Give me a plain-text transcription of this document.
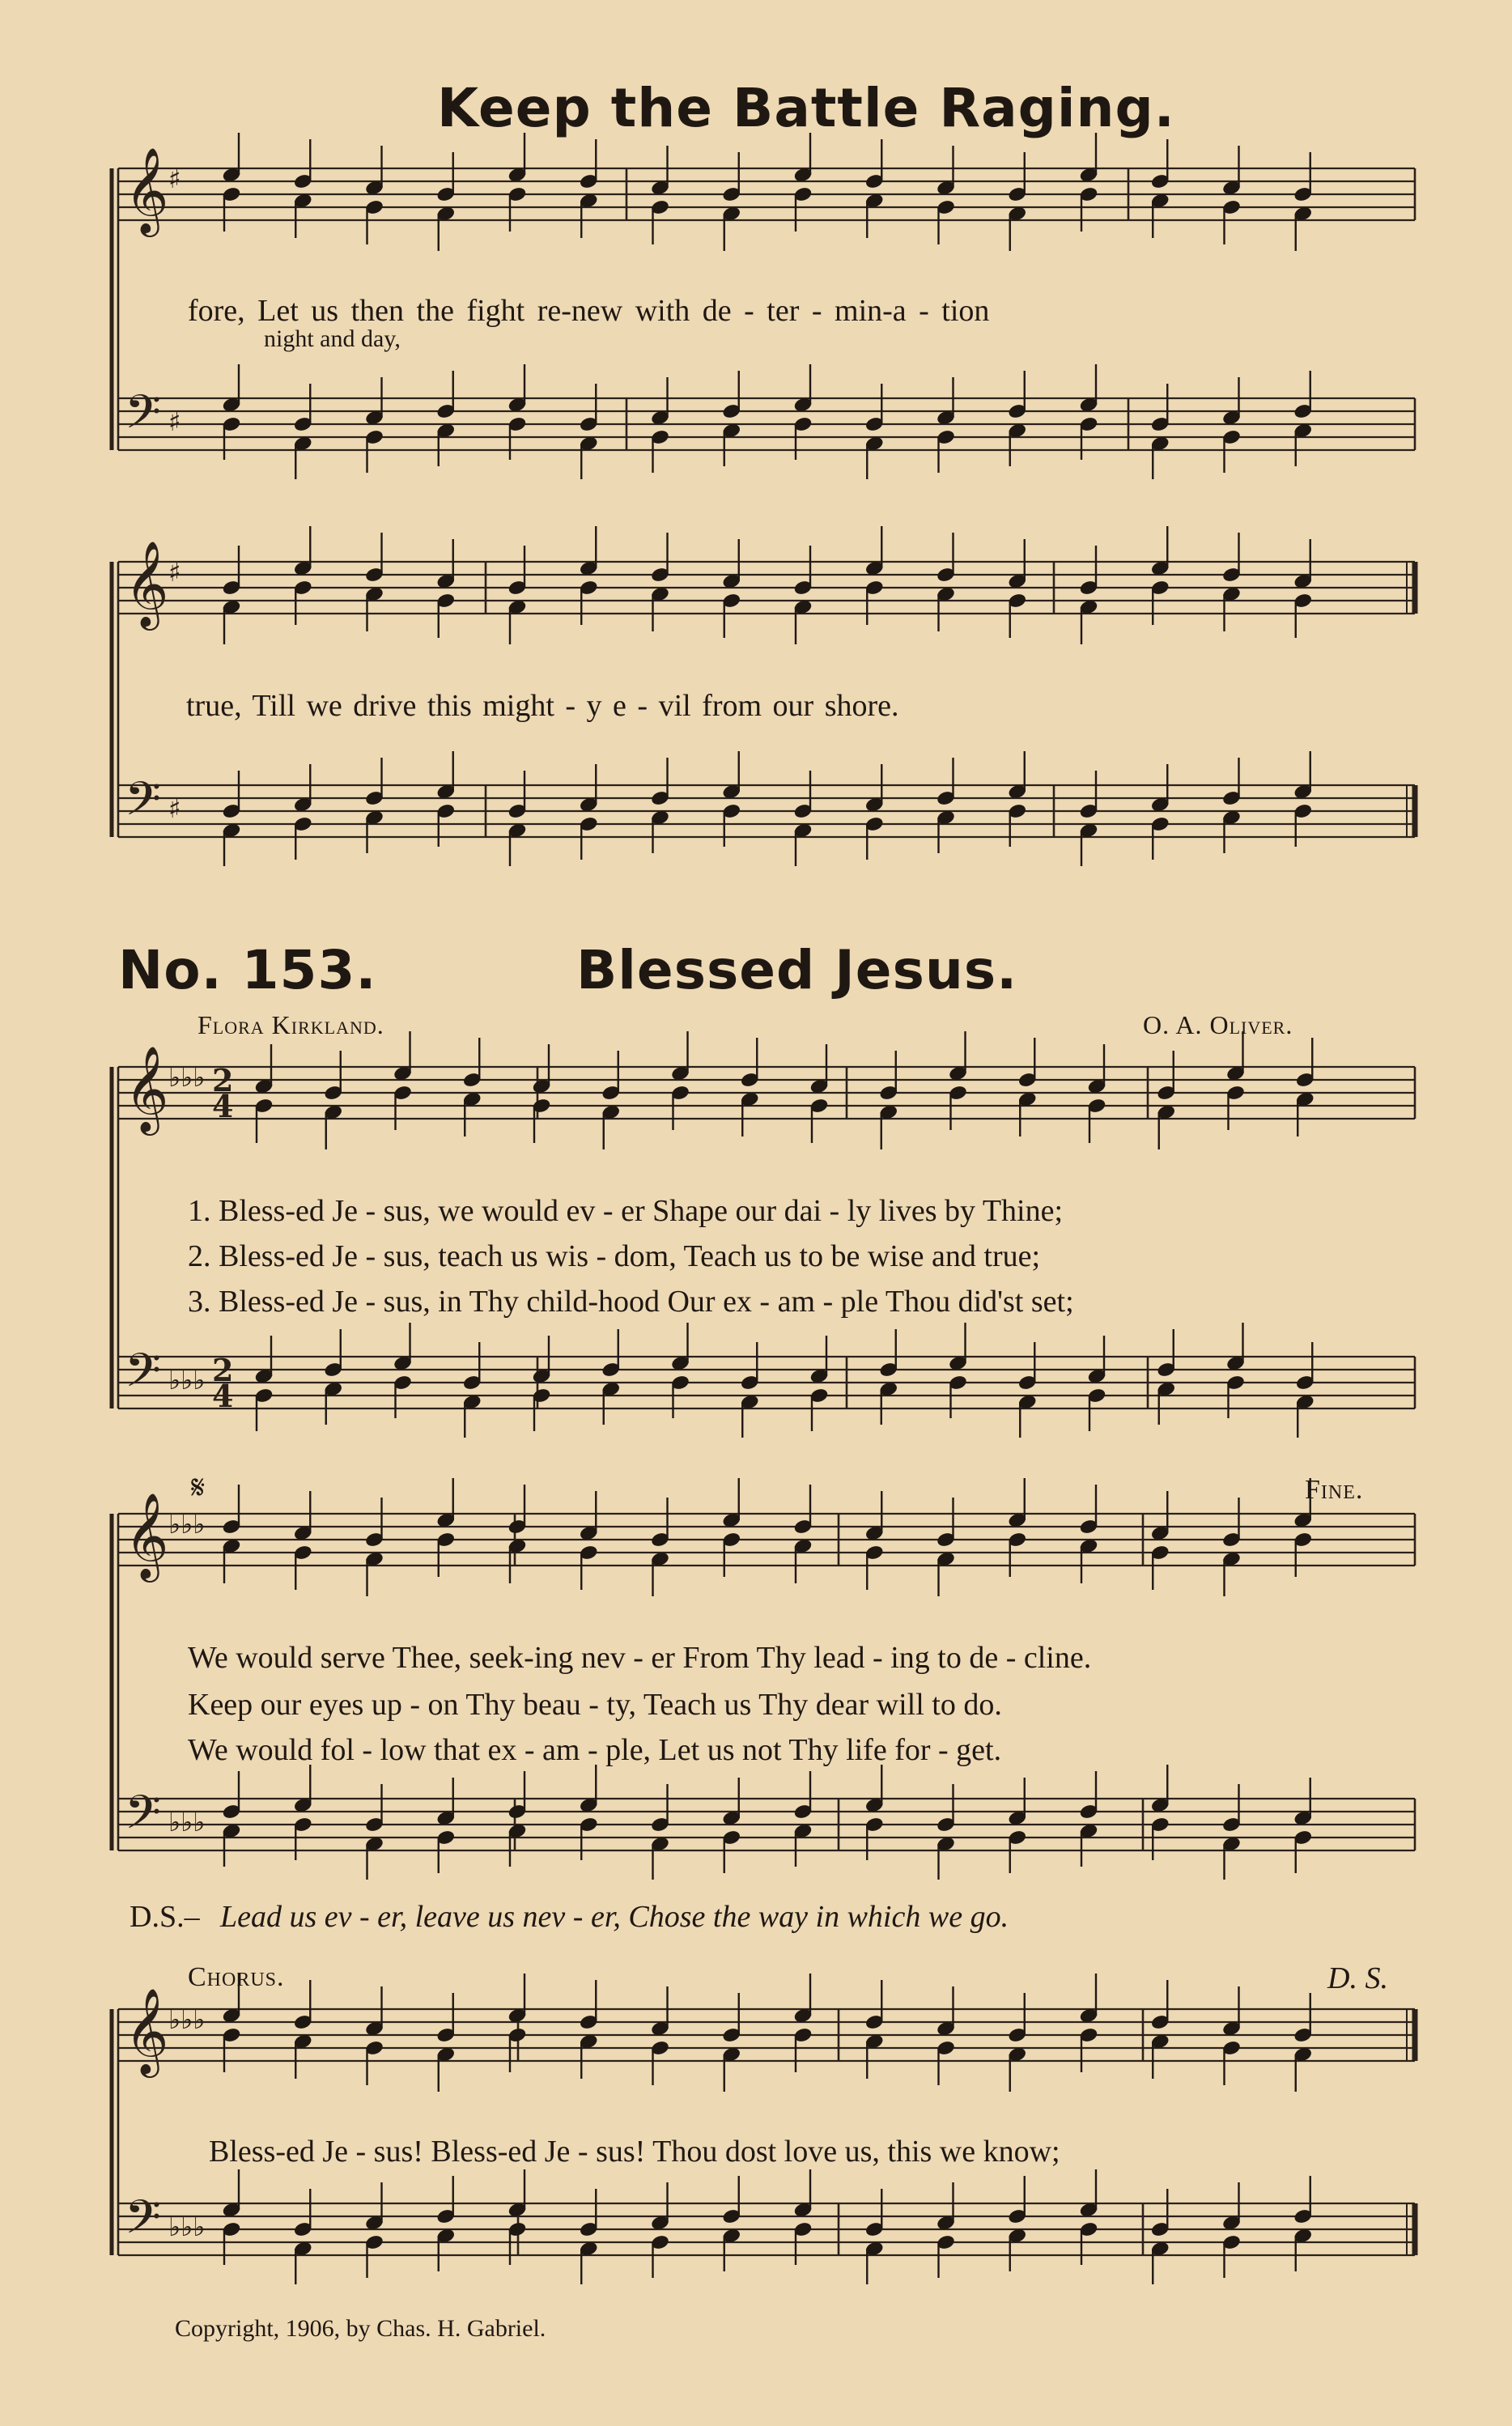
Keep the Battle Raging.
𝄞
𝄢
♯
♯
𝄞
𝄢
♯
♯
𝄞
𝄢
♭♭♭
♭♭♭
𝄞
𝄢
♭♭♭
♭♭♭
𝄞
𝄢
♭♭♭
♭♭♭
2
4
2
4
fore, Let us then the fight re-new with de - ter - min-a - tion
night and day,
true, Till we drive this might - y e - vil from our shore.
No. 153.	Blessed Jesus.
Flora Kirkland.	O. A. Oliver.
1. Bless-ed Je - sus, we would ev - er Shape our dai - ly lives by Thine;
2. Bless-ed Je - sus, teach us wis - dom, Teach us to be wise and true;
3. Bless-ed Je - sus, in Thy child-hood Our ex - am - ple Thou did'st set;
𝄋	Fine.
We would serve Thee, seek-ing nev - er From Thy lead - ing to de - cline.
Keep our eyes up - on Thy beau - ty, Teach us Thy dear will to do.
We would fol - low that ex - am - ple, Let us not Thy life for - get.
D.S.– Lead us ev - er, leave us nev - er, Chose the way in which we go.
Chorus.	D. S.
Bless-ed Je - sus! Bless-ed Je - sus! Thou dost love us, this we know;
Copyright, 1906, by Chas. H. Gabriel.
